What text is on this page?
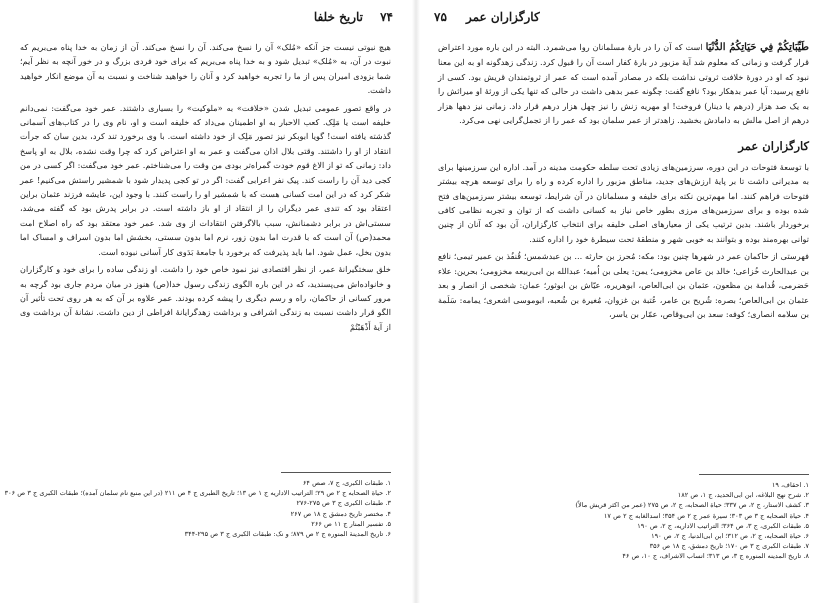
۷۴
تاریخ خلفا

هیچ نبوتی نیست جز آنکه «مُلک» آن را نسخ می‌کند. آن را نسخ می‌کند. آن از زمان به خدا پناه می‌بریم که نبوت در آن، به «مُلک» تبدیل شود و به خدا پناه می‌بریم که برای خود فردی بزرگ و در خور آنچه به نظر آیم؛ شما بزودی امیران پس از ما را تجربه خواهید کرد و آنان را خواهید شناخت و نسبت به آن موضع انکار خواهید داشت.

در واقع تصور عمومی تبدیل شدن «خلافت» به «ملوکیت» را بسیاری داشتند. عمر خود می‌گفت: نمی‌دانم خلیفه است یا مَلِک. کعب الاحبار به او اطمینان می‌داد که خلیفه است و او، نام وی را در کتاب‌های آسمانی گذشته یافته است! گویا ابوبکر نیز تصور مَلِک از خود داشته است. با وی برخورد تند کرد، بدین سان که جرأت انتقاد از او را داشتند. وقتی بلال اذان می‌گفت و عمر به او اعتراض کرد که چرا وقت نشده، بلال به او پاسخ داد: زمانی که تو از الاغ قوم خودت گمراه‌تر بودی من وقت را می‌شناختم. عمر خود می‌گفت: اگر کسی در من کجی دید آن را راست کند. پیک نفر اعرابی گفت: اگر در تو کجی پدیدار شود با شمشیر راستش می‌کنیم! عمر شکر کرد که در این امت کسانی هست که با شمشیر او را راست کنند. با وجود این، عایشه فرزند عثمان براین اعتقاد بود که تندی عمر دیگران را از انتقاد از او باز داشته است. در برابر پدرش بود که گفته می‌شد، سستی‌اش در برابر دشمنانش، سبب بالاگرفتن انتقادات از وی شد. عمر خود معتقد بود که راه اصلاح امت محمد(ص) آن است که با قدرت اما بدون زور، نرم اما بدون سستی، بخشش اما بدون اسراف و امساک اما بدون بخل، عمل شود. اما باید پذیرفت که برخورد با جامعهٔ بَدَوی کار آسانی نبوده است.

خلق سختگیرانهٔ عمر، از نظر اقتصادی نیز نمود خاص خود را داشت. او زندگی ساده را برای خود و کارگزاران و خانواده‌اش می‌پسندید، که در این باره الگوی زندگی رسول خدا(ص) هنوز در میان مردم جاری بود گرچه به مرور کسانی از حاکمان، راه و رسم دیگری را پیشه کرده بودند. عمر علاوه بر آن که به هر روی تحت تأثیر آن الگو قرار داشت نسبت به زندگی اشرافی و برداشت زهدگرایانهٔ افراطی از دین داشت. نشانهٔ آن برداشت وی از آیهٔ أَذْهَبْتُمْ

۱. طبقات الکبری، ج ۷، صص ۶۴
۲. حیاة الصحابه ج ۲ ص ۲۹؛ التراتیب الاداریه ج ۱ ص ۱۳؛ تاریخ الطبری ج ۴ ص ۲۱۱ (در این منبع نام سلمان آمده)؛ طبقات الکبری ج ۳ ص ۳۰۶
۳. طبقات الکبری ج ۳ ص ۲۷۵-۲۷۶
۴. مختصر تاریخ دمشق ج ۱۸ ص ۲۶۷
۵. تفسیر المنار ج ۱۱ ص ۲۶۶
۶. تاریخ المدینة المنوره ج ۲ ص ۸۷۹؛ و نک: طبقات الکبری ج ۳ ص ۲۹۵-۳۴۴
۷۵ کارگزاران عمر

طَيِّبَاتِكُمْ فِي حَيَاتِكُمُ الدُّنْيَا است که آن را در بارهٔ مسلمانان روا می‌شمرد. البته در این باره مورد اعتراض قرار گرفت و زمانی که معلوم شد آیهٔ مزبور در بارهٔ کفار است آن را قبول کرد. زندگی زهدگونه او به این معنا نبود که او در دورهٔ خلافت ثروتی نداشت بلکه در مصادر آمده است که عمر از ثروتمندان قریش بود. کسی از نافع پرسید: آیا عمر بدهکار بود؟ نافع گفت: چگونه عمر بدهی داشت در حالی که تنها یکی از ورثهٔ او میراثش را به یک صد هزار (درهم یا دینار) فروخت! او مهریه زنش را نیز چهل هزار درهم قرار داد. زمانی نیز دهها هزار درهم از اصل مالش به دامادش بخشید. زاهدتر از عمر سلمان بود که عمر را از تجمل‌گرایی نهی می‌کرد.

کارگزاران عمر

با توسعهٔ فتوحات در این دوره، سرزمین‌های زیادی تحت سلطه حکومت مدینه در آمد. اداره این سرزمینها برای به مدیرانی داشت تا بر پایهٔ ارزش‌های جدید، مناطق مزبور را اداره کرده و راه را برای توسعه هرچه بیشتر فتوحات فراهم کنند. اما مهم‌ترین نکته برای خلیفه و مسلمانان در آن شرایط، توسعه بیشتر سرزمین‌های فتح شده بوده و برای سرزمین‌های مرزی بطور خاص نیاز به کسانی داشت که از توان و تجربه نظامی کافی برخوردار باشند. بدین ترتیب یکی از معیارهای اصلی خلیفه برای انتخاب کارگزاران، آن بود که آنان از چنین توانی بهره‌مند بوده و بتوانند به خوبی شهر و منطقهٔ تحت سیطرهٔ خود را اداره کنند.

فهرستی از حاکمان عمر در شهرها چنین بود: مکه: مُحرز بن حارثه ... بن عبدشمس؛ قُنفُذ بن عمیر تیمی؛ نافع بن عبدالحارث خُزاعی؛ خالد بن عاص مخزومی؛ یمن: یعلی بن اُمیه؛ عبدالله بن ابی‌ربیعه مخزومی؛ بحرین: علاء حَضرمی، قُدامة بن مظعون، عثمان بن ابی‌العاص، ابوهریره، عیّاش بن ابوثور؛ عمان: شخصی از انصار و بعد عثمان بن ابی‌العاص؛ بصره: شُریح بن عامر، عُتبة بن غزوان، مُغیرة بن شُعبه، ابوموسی اشعری؛ یمامه: سَلَمة بن سلامه انصاری؛ کوفه: سعد بن ابی‌وقاص، عمّار بن یاسر،

۱. احقاف، ۱۹
۲. شرح نهج البلاغه، ابن ابی‌الحدید، ج ۱، ص ۱۸۲
۳. کشف الاستار، ج ۲، ص ۳۳۷؛ حیاة الصحابه، ج ۲، ص ۲۷۵ (عمر من اکثر قریش مالاً)
۴. حیاة الصحابه ج ۳ ص ۳۰۳؛ سیرهٔ عمر ج ۲ ص ۳۵۴؛ اسدالغابه ج ۲ ص ۱۷
۵. طبقات الکبری، ج ۳، ص ۳۶۴؛ التراتیب الاداریه، ج ۲، ص ۱۹۰
۶. حیاة الصحابه، ج ۲، ص ۳۱۲؛ ابن ابی‌الدنیا، ج ۲، ص ۱۹۰
۷. طبقات الکبری ج ۳ ص ۱۷۰؛ تاریخ دمشق، ج ۱۸ ص ۳۵۶
۸. تاریخ المدینه المنوره ج ۳، ص ۳۱۳؛ انساب الاشراف، ج ۱۰، ص ۴۶
